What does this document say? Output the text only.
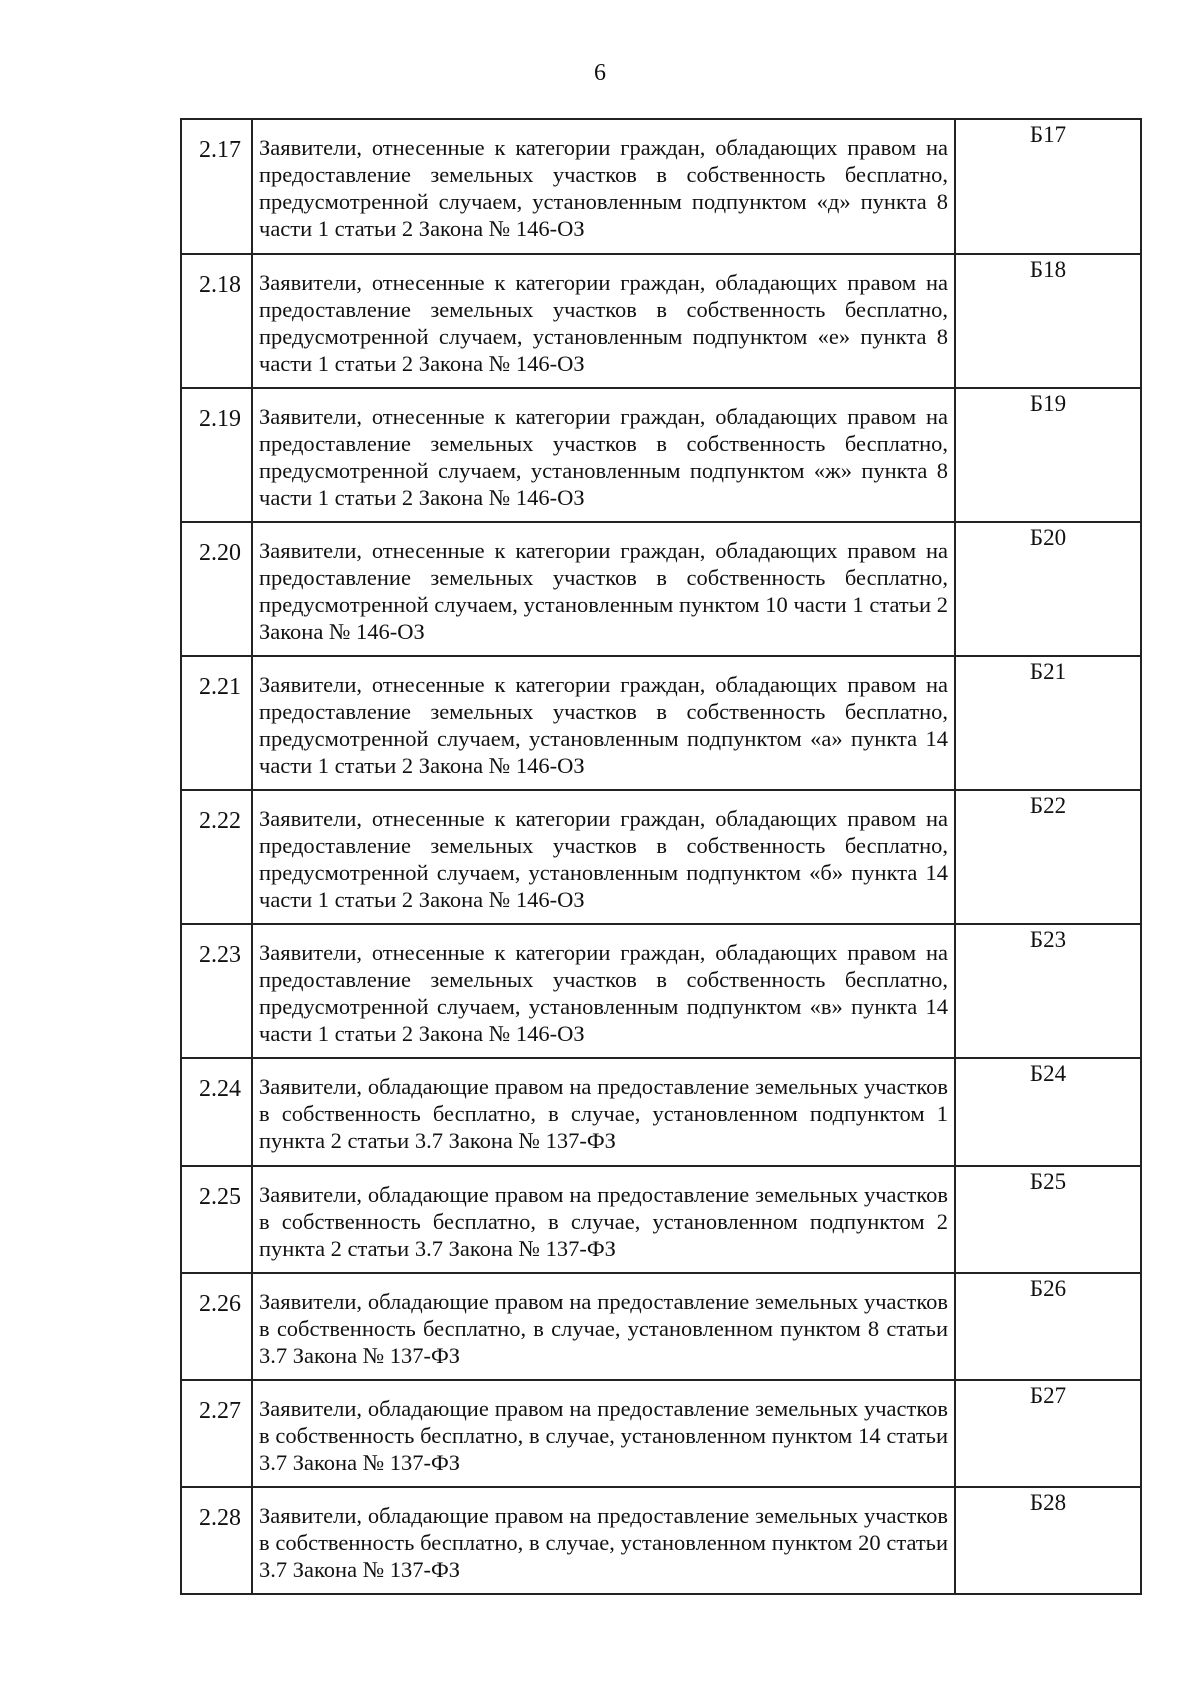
6
2.17	Заявители, отнесенные к категории граждан, обладающих правом на предоставление земельных участков в собственность бесплатно, предусмотренной случаем, установленным подпунктом «д» пункта 8 части 1 статьи 2 Закона № 146-ОЗ	Б17
2.18	Заявители, отнесенные к категории граждан, обладающих правом на предоставление земельных участков в собственность бесплатно, предусмотренной случаем, установленным подпунктом «е» пункта 8 части 1 статьи 2 Закона № 146-ОЗ	Б18
2.19	Заявители, отнесенные к категории граждан, обладающих правом на предоставление земельных участков в собственность бесплатно, предусмотренной случаем, установленным подпунктом «ж» пункта 8 части 1 статьи 2 Закона № 146-ОЗ	Б19
2.20	Заявители, отнесенные к категории граждан, обладающих правом на предоставление земельных участков в собственность бесплатно, предусмотренной случаем, установленным пунктом 10 части 1 статьи 2 Закона № 146-ОЗ	Б20
2.21	Заявители, отнесенные к категории граждан, обладающих правом на предоставление земельных участков в собственность бесплатно, предусмотренной случаем, установленным подпунктом «а» пункта 14 части 1 статьи 2 Закона № 146-ОЗ	Б21
2.22	Заявители, отнесенные к категории граждан, обладающих правом на предоставление земельных участков в собственность бесплатно, предусмотренной случаем, установленным подпунктом «б» пункта 14 части 1 статьи 2 Закона № 146-ОЗ	Б22
2.23	Заявители, отнесенные к категории граждан, обладающих правом на предоставление земельных участков в собственность бесплатно, предусмотренной случаем, установленным подпунктом «в» пункта 14 части 1 статьи 2 Закона № 146-ОЗ	Б23
2.24	Заявители, обладающие правом на предоставление земельных участков в собственность бесплатно, в случае, установленном подпунктом 1 пункта 2 статьи 3.7 Закона № 137-ФЗ	Б24
2.25	Заявители, обладающие правом на предоставление земельных участков в собственность бесплатно, в случае, установленном подпунктом 2 пункта 2 статьи 3.7 Закона № 137-ФЗ	Б25
2.26	Заявители, обладающие правом на предоставление земельных участков в собственность бесплатно, в случае, установленном пунктом 8 статьи 3.7 Закона № 137-ФЗ	Б26
2.27	Заявители, обладающие правом на предоставление земельных участков в собственность бесплатно, в случае, установленном пунктом 14 статьи 3.7 Закона № 137-ФЗ	Б27
2.28	Заявители, обладающие правом на предоставление земельных участков в собственность бесплатно, в случае, установленном пунктом 20 статьи 3.7 Закона № 137-ФЗ	Б28
